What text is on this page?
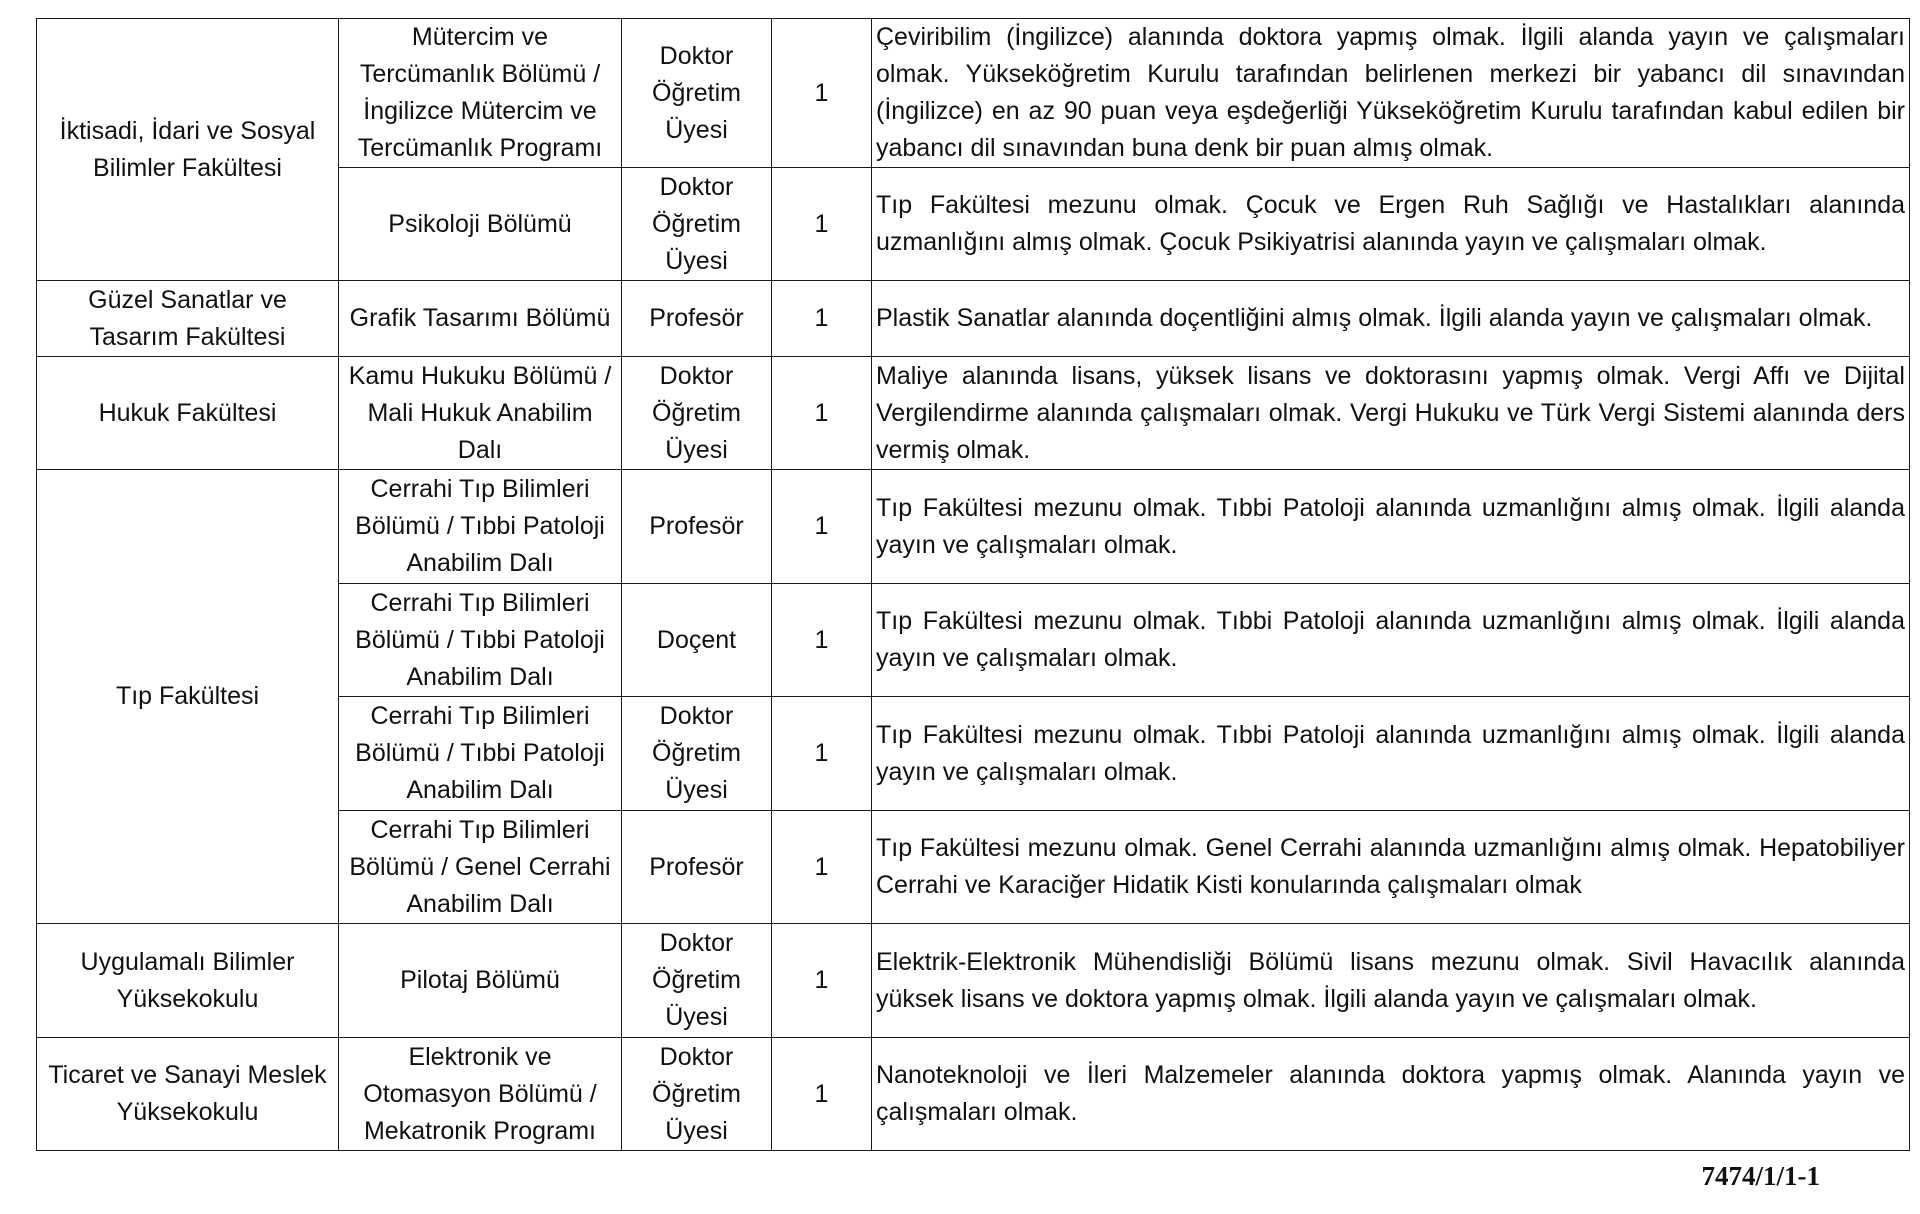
İktisadi, İdari ve Sosyal Bilimler Fakültesi	Mütercim ve Tercümanlık Bölümü / İngilizce Mütercim ve Tercümanlık Programı	Doktor Öğretim Üyesi	1	Çeviribilim (İngilizce) alanında doktora yapmış olmak. İlgili alanda yayın ve çalışmaları olmak. Yükseköğretim Kurulu tarafından belirlenen merkezi bir yabancı dil sınavından (İngilizce) en az 90 puan veya eşdeğerliği Yükseköğretim Kurulu tarafından kabul edilen bir yabancı dil sınavından buna denk bir puan almış olmak.

	Psikoloji Bölümü	Doktor Öğretim Üyesi	1	Tıp Fakültesi mezunu olmak. Çocuk ve Ergen Ruh Sağlığı ve Hastalıkları alanında uzmanlığını almış olmak. Çocuk Psikiyatrisi alanında yayın ve çalışmaları olmak.

Güzel Sanatlar ve Tasarım Fakültesi	Grafik Tasarımı Bölümü	Profesör	1	Plastik Sanatlar alanında doçentliğini almış olmak. İlgili alanda yayın ve çalışmaları olmak.

Hukuk Fakültesi	Kamu Hukuku Bölümü / Mali Hukuk Anabilim Dalı	Doktor Öğretim Üyesi	1	Maliye alanında lisans, yüksek lisans ve doktorasını yapmış olmak. Vergi Affı ve Dijital Vergilendirme alanında çalışmaları olmak. Vergi Hukuku ve Türk Vergi Sistemi alanında ders vermiş olmak.

Tıp Fakültesi	Cerrahi Tıp Bilimleri Bölümü / Tıbbi Patoloji Anabilim Dalı	Profesör	1	Tıp Fakültesi mezunu olmak. Tıbbi Patoloji alanında uzmanlığını almış olmak. İlgili alanda yayın ve çalışmaları olmak.

	Cerrahi Tıp Bilimleri Bölümü / Tıbbi Patoloji Anabilim Dalı	Doçent	1	Tıp Fakültesi mezunu olmak. Tıbbi Patoloji alanında uzmanlığını almış olmak. İlgili alanda yayın ve çalışmaları olmak.

	Cerrahi Tıp Bilimleri Bölümü / Tıbbi Patoloji Anabilim Dalı	Doktor Öğretim Üyesi	1	Tıp Fakültesi mezunu olmak. Tıbbi Patoloji alanında uzmanlığını almış olmak. İlgili alanda yayın ve çalışmaları olmak.

	Cerrahi Tıp Bilimleri Bölümü / Genel Cerrahi Anabilim Dalı	Profesör	1	Tıp Fakültesi mezunu olmak. Genel Cerrahi alanında uzmanlığını almış olmak. Hepatobiliyer Cerrahi ve Karaciğer Hidatik Kisti konularında çalışmaları olmak

Uygulamalı Bilimler Yüksekokulu	Pilotaj Bölümü	Doktor Öğretim Üyesi	1	Elektrik-Elektronik Mühendisliği Bölümü lisans mezunu olmak. Sivil Havacılık alanında yüksek lisans ve doktora yapmış olmak. İlgili alanda yayın ve çalışmaları olmak.

Ticaret ve Sanayi Meslek Yüksekokulu	Elektronik ve Otomasyon Bölümü / Mekatronik Programı	Doktor Öğretim Üyesi	1	Nanoteknoloji ve İleri Malzemeler alanında doktora yapmış olmak. Alanında yayın ve çalışmaları olmak.
7474/1/1-1
